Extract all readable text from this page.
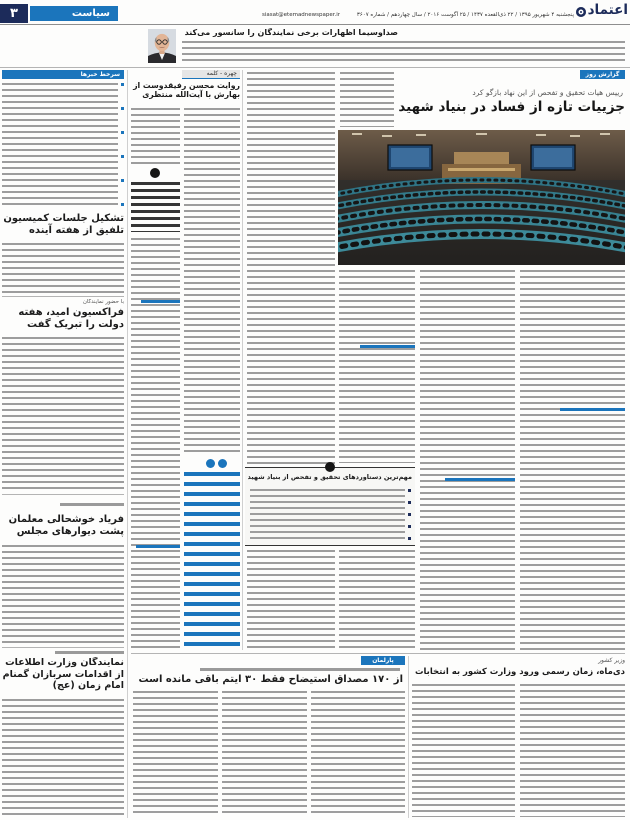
۳	سیاست	siasat@etemadnewspaper.ir	پنجشنبه ۴ شهریور ۱۳۹۵ / ۲۲ ذی‌القعده ۱۴۳۷ / ۲۵ آگوست ۲۰۱۶ / سال چهاردهم / شماره ۳۶۰۷ اعتماد
صداوسیما اظهارات برخی نمایندگان را سانسور می‌کند
سرخط خبرها
تشکیل جلسات کمیسیون تلفیق از هفته آینده
با حضور نمایندگان
فراکسیون امید، هفته دولت را تبریک گفت
فریاد خوشحالی معلمان پشت دیوارهای مجلس
نمایندگان وزارت اطلاعات از اقدامات سربازان گمنام امام زمان (عج)
چهره - کلمه
روایت محسن رفیقدوست از بهارش با آیت‌الله منتظری
گزارش روز
رییس هیات تحقیق و تفحص از این نهاد بازگو کرد
جزییات تازه از فساد در بنیاد شهید
مهم‌ترین دستاوردهای تحقیق و تفحص از بنیاد شهید
وزیر کشور
دی‌ماه، زمان رسمی ورود وزارت کشور به انتخابات
پارلمان
از ۱۷۰ مصداق استیضاح فقط ۳۰ آیتم باقی مانده است
